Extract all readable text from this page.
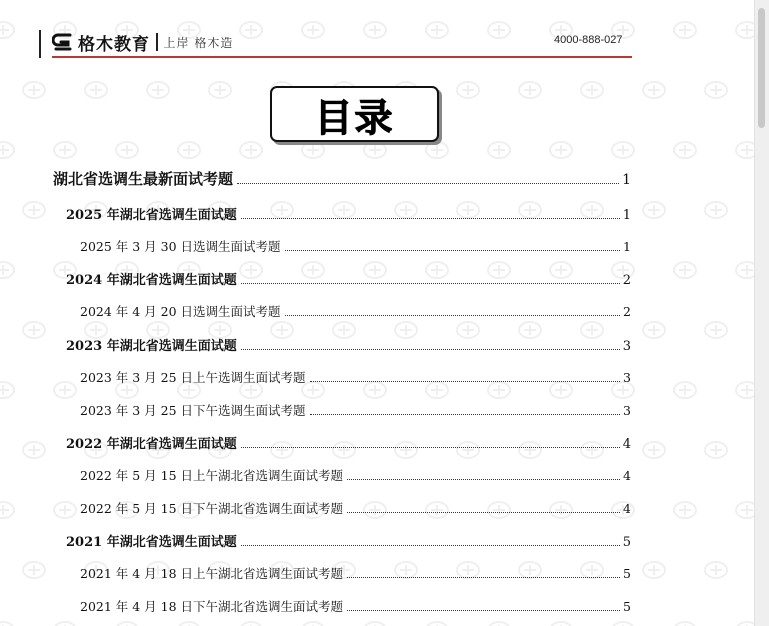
格木教育 上岸 格木造	4000-888-027
目录
湖北省选调生最新面试考题	1
2025 年湖北省选调生面试题	1
2025 年 3 月 30 日选调生面试考题	1
2024 年湖北省选调生面试题	2
2024 年 4 月 20 日选调生面试考题	2
2023 年湖北省选调生面试题	3
2023 年 3 月 25 日上午选调生面试考题	3
2023 年 3 月 25 日下午选调生面试考题	3
2022 年湖北省选调生面试题	4
2022 年 5 月 15 日上午湖北省选调生面试考题	4
2022 年 5 月 15 日下午湖北省选调生面试考题	4
2021 年湖北省选调生面试题	5
2021 年 4 月 18 日上午湖北省选调生面试考题	5
2021 年 4 月 18 日下午湖北省选调生面试考题	5
